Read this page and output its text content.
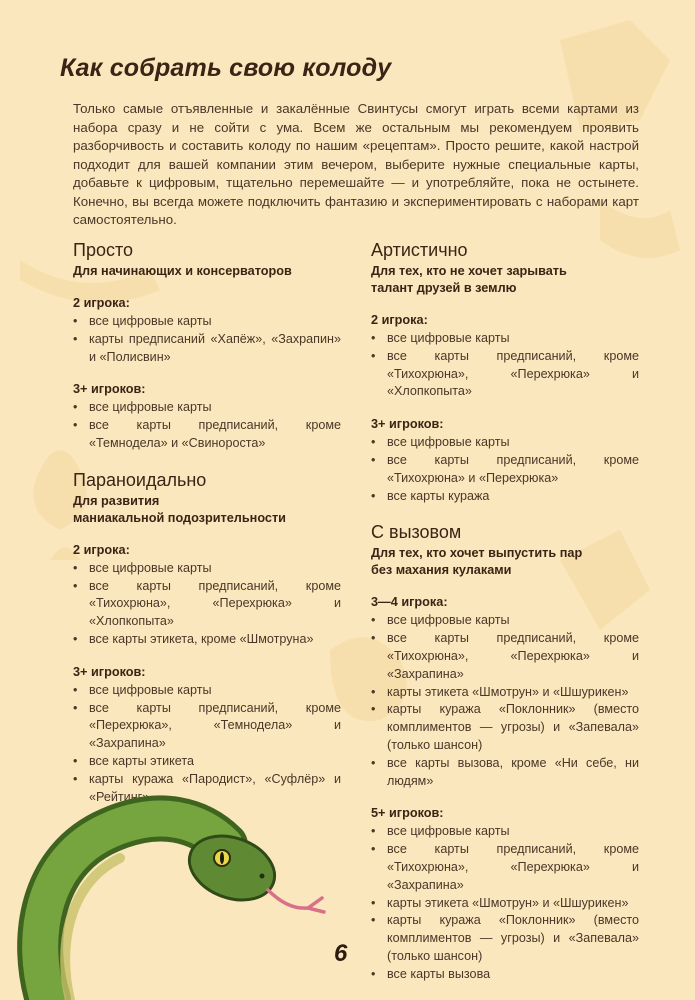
Как собрать свою колоду

Только самые отъявленные и закалённые Свинтусы смогут играть всеми картами из набора сразу и не сойти с ума. Всем же остальным мы рекомендуем проявить разборчивость и составить колоду по нашим «рецептам». Просто решите, какой настрой подходит для вашей компании этим вечером, выберите нужные специальные карты, добавьте к цифровым, тщательно перемешайте — и употребляйте, пока не остынете. Конечно, вы всегда можете подключить фантазию и экспериментировать с наборами карт самостоятельно.

Просто

Для начинающих и консерваторов

2 игрока:

• все цифровые карты
• карты предписаний «Хапёж», «Захрапин» и «Полисвин»

3+ игроков:

• все цифровые карты
• все карты предписаний, кроме «Темнодела» и «Свинороста»
Параноидально

Для развития
маниакальной подозрительности

2 игрока:

• все цифровые карты
• все карты предписаний, кроме «Тихохрюна», «Перехрюка» и «Хлопкопыта»
• все карты этикета, кроме «Шмотруна»

3+ игроков:

• все цифровые карты
• все карты предписаний, кроме «Перехрюка», «Темнодела» и «Захрапина»
• все карты этикета
• карты куража «Пародист», «Суфлёр» и «Рейтинг»
Артистично

Для тех, кто не хочет зарывать
талант друзей в землю

2 игрока:

• все цифровые карты
• все карты предписаний, кроме «Тихохрюна», «Перехрюка» и «Хлопкопыта»

3+ игроков:

• все цифровые карты
• все карты предписаний, кроме «Тихохрюна» и «Перехрюка»
• все карты куража
С вызовом

Для тех, кто хочет выпустить пар
без махания кулаками

3—4 игрока:

• все цифровые карты
• все карты предписаний, кроме «Тихохрюна», «Перехрюка» и «Захрапина»
• карты этикета «Шмотрун» и «Шшурикен»
• карты куража «Поклонник» (вместо комплиментов — угрозы) и «Запевала» (только шансон)
• все карты вызова, кроме «Ни себе, ни людям»

5+ игроков:

• все цифровые карты
• все карты предписаний, кроме «Тихохрюна», «Перехрюка» и «Захрапина»
• карты этикета «Шмотрун» и «Шшурикен»
• карты куража «Поклонник» (вместо комплиментов — угрозы) и «Запевала» (только шансон)
• все карты вызова

6
